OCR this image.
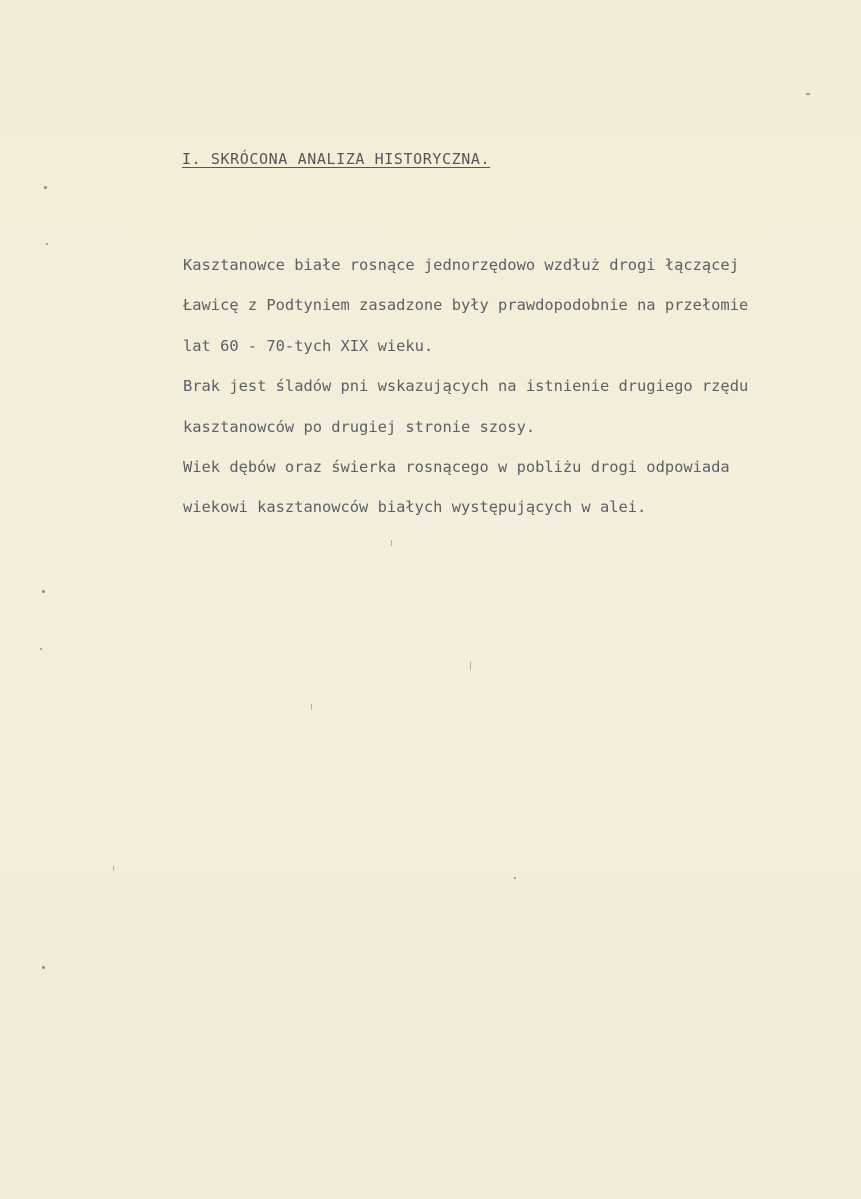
I. SKRÓCONA ANALIZA HISTORYCZNA.
Kasztanowce białe rosnące jednorzędowo wzdłuż drogi łączącej
Ławicę z Podtyniem zasadzone były prawdopodobnie na przełomie
lat 60 - 70-tych XIX wieku.
Brak jest śladów pni wskazujących na istnienie drugiego rzędu
kasztanowców po drugiej stronie szosy.
Wiek dębów oraz świerka rosnącego w pobliżu drogi odpowiada
wiekowi kasztanowców białych występujących w alei.
